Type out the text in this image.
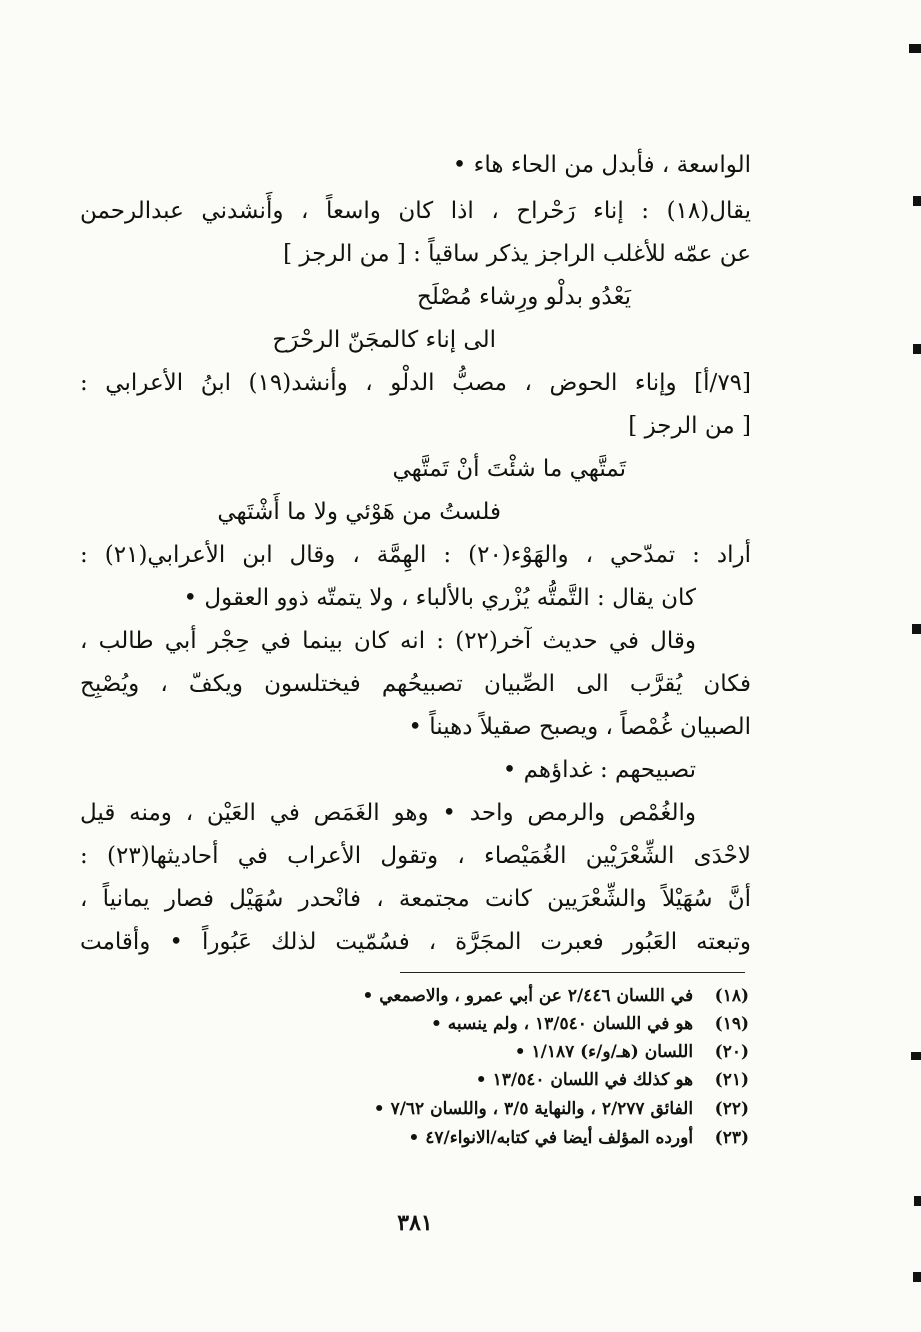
الواسعة ، فأبدل من الحاء هاء •
يقال(١٨) : إناء رَحْراح ، اذا كان واسعاً ، وأَنشدني عبدالرحمن
عن عمّه للأغلب الراجز يذكر ساقياً : [ من الرجز ]
يَعْدُو بدلْو ورِشاء مُصْلَح
الى إناء كالمجَنّ الرحْرَح
[٧٩/أ] وإناء الحوض ، مصبُّ الدلْو ، وأنشد(١٩) ابنُ الأعرابي :
[ من الرجز ]
تَمتَّهي ما شئْتَ أنْ تَمتَّهي
فلستُ من هَوْئي ولا ما أَشْتَهي
أراد : تمدّحي ، والهَوْء(٢٠) : الهِمَّة ، وقال ابن الأعرابي(٢١) :
كان يقال : التَّمتُّه يُزْري بالألباء ، ولا يتمتّه ذوو العقول •
وقال في حديث آخر(٢٢) : انه كان بينما في حِجْر أبي طالب ،
فكان يُقرَّب الى الصِّبيان تصبيحُهم فيختلسون ويكفّ ، ويُصْبِح
الصبيان غُمْصاً ، ويصبح صقيلاً دهيناً •
تصبيحهم : غداؤهم •
والغُمْص والرمص واحد • وهو الغَمَص في العَيْن ، ومنه قيل
لاحْدَى الشِّعْرَيْين الغُمَيْصاء ، وتقول الأعراب في أحاديثها(٢٣) :
أنَّ سُهَيْلاً والشِّعْرَيين كانت مجتمعة ، فانْحدر سُهَيْل فصار يمانياً ،
وتبعته العَبُور فعبرت المجَرَّة ، فسُمّيت لذلك عَبُوراً • وأقامت
(١٨) في اللسان ٢/٤٤٦ عن أبي عمرو ، والاصمعي •
(١٩) هو في اللسان ١٣/٥٤٠ ، ولم ينسبه •
(٢٠) اللسان (هـ/و/ء) ١/١٨٧ •
(٢١) هو كذلك في اللسان ١٣/٥٤٠ •
(٢٢) الفائق ٢/٢٧٧ ، والنهاية ٣/٥ ، واللسان ٧/٦٢ •
(٢٣) أورده المؤلف أيضا في كتابه/الانواء/٤٧ •
٣٨١
